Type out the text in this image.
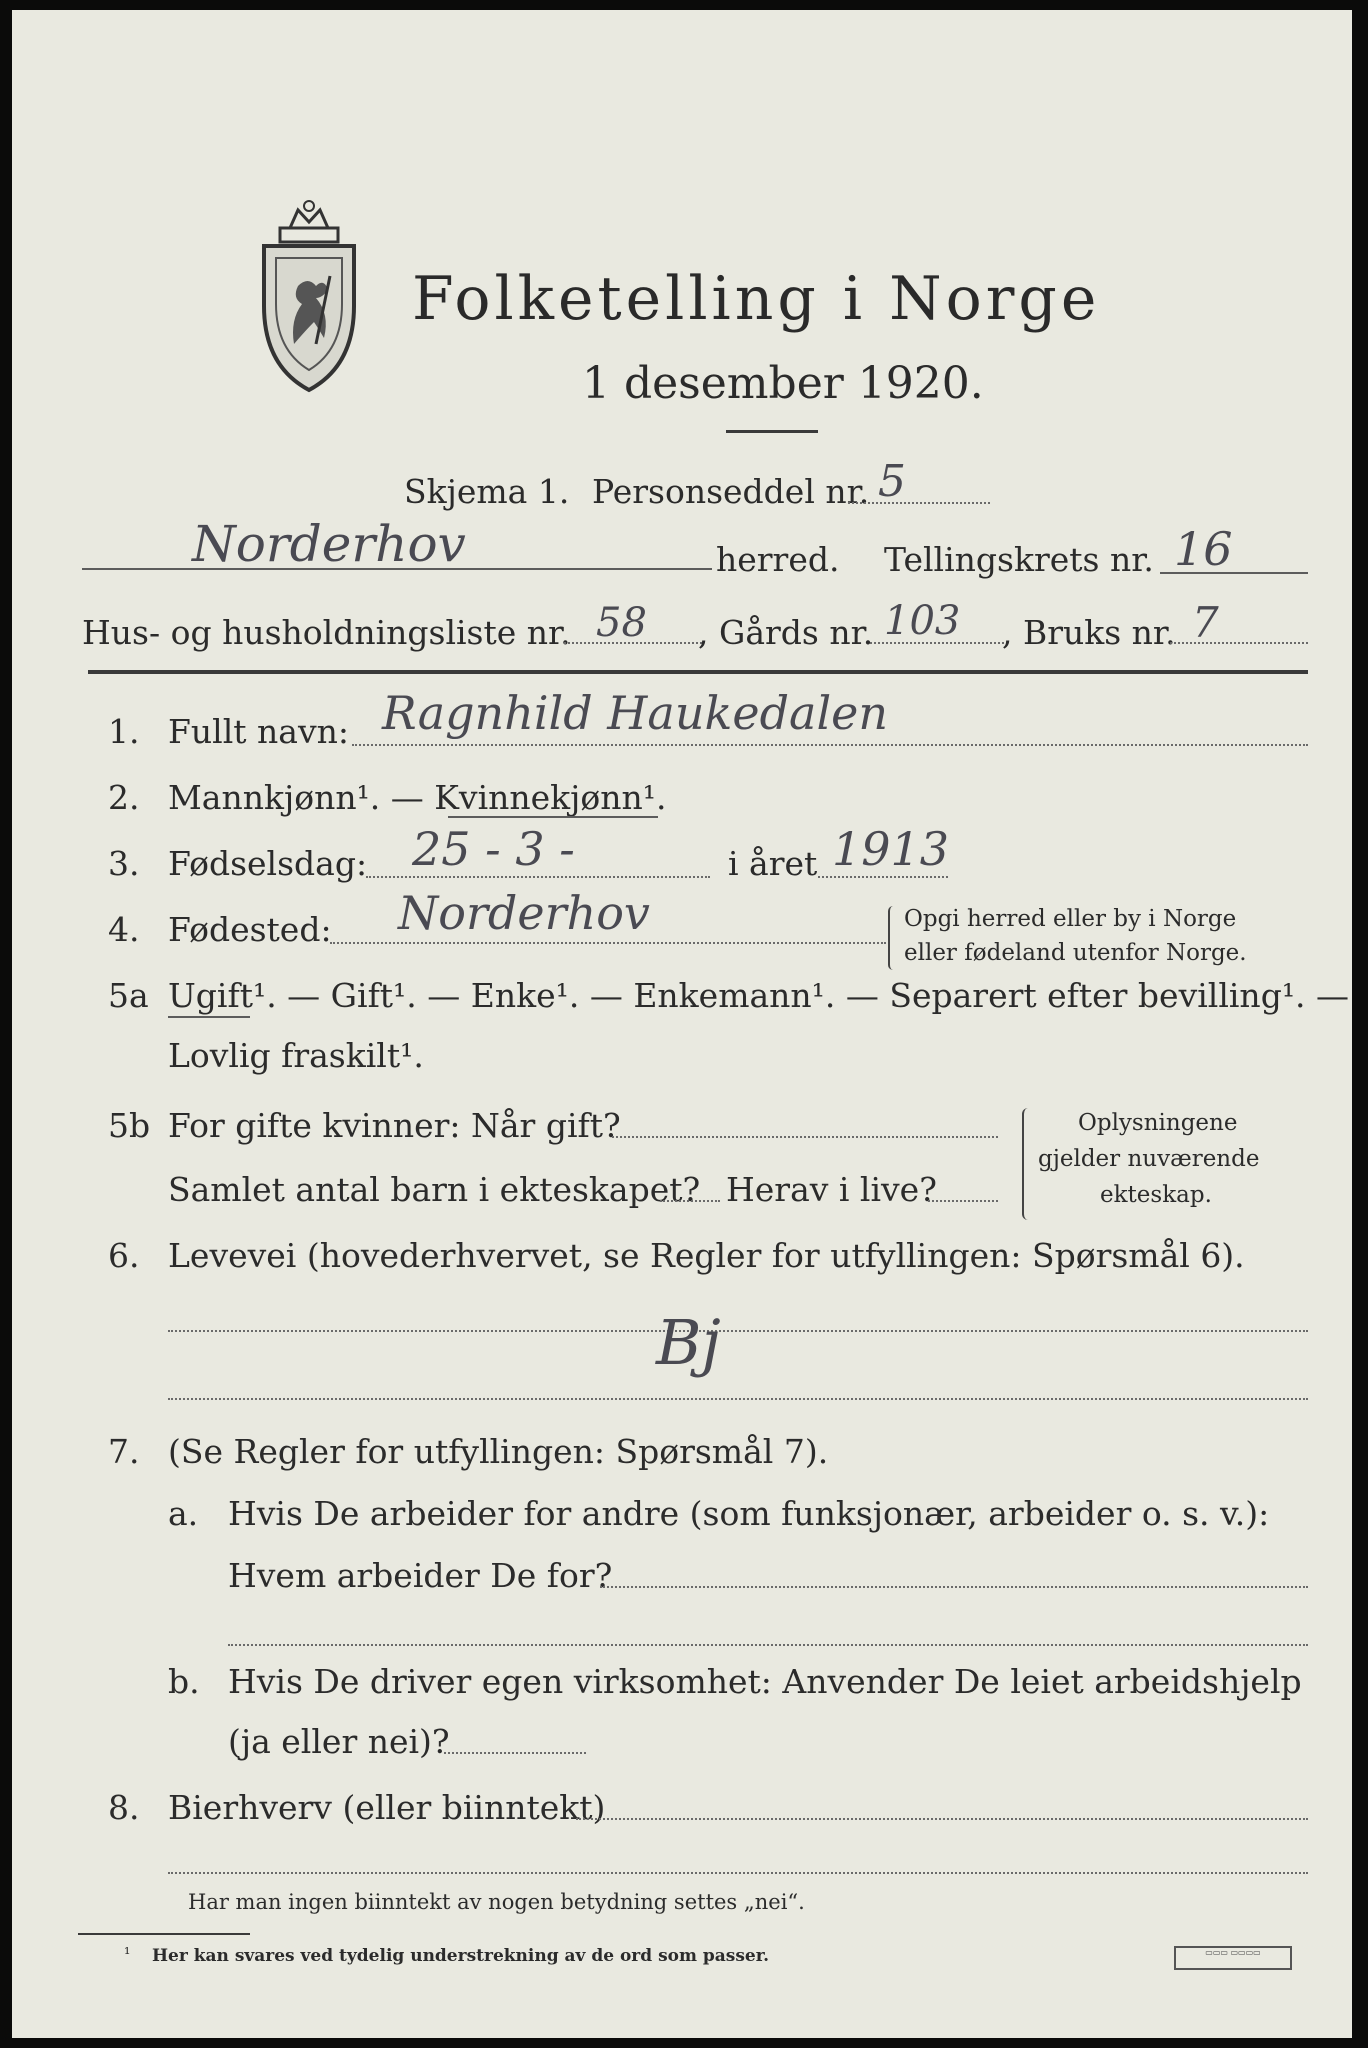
Folketelling i Norge
1 desember 1920.
Skjema 1. Personseddel nr. 5
Norderhov	herred. Tellingskrets nr. 16
Hus- og husholdningsliste nr. 58 , Gårds nr. 103 , Bruks nr. 7
1. Fullt navn: Ragnhild Haukedalen
2. Mannkjønn¹. — Kvinnekjønn¹.
3. Fødselsdag: 25 - 3 -	i året 1913
4. Fødested: Norderhov	Opgi herred eller by i Norge
eller fødeland utenfor Norge.
5a Ugift¹. — Gift¹. — Enke¹. — Enkemann¹. — Separert efter bevilling¹. —
Lovlig fraskilt¹.
5b For gifte kvinner: Når gift?
Samlet antal barn i ekteskapet? Herav i live?
Oplysningene
gjelder nuværende
ekteskap.
6. Levevei (hovederhvervet, se Regler for utfyllingen: Spørsmål 6).
Bj
7. (Se Regler for utfyllingen: Spørsmål 7).
a. Hvis De arbeider for andre (som funksjonær, arbeider o. s. v.):
Hvem arbeider De for?
b. Hvis De driver egen virksomhet: Anvender De leiet arbeidshjelp
(ja eller nei)?
8. Bierhverv (eller biinntekt)
Har man ingen biinntekt av nogen betydning settes „nei“.
¹ Her kan svares ved tydelig understrekning av de ord som passer.	▭▭▭ ▭▭▭▭
